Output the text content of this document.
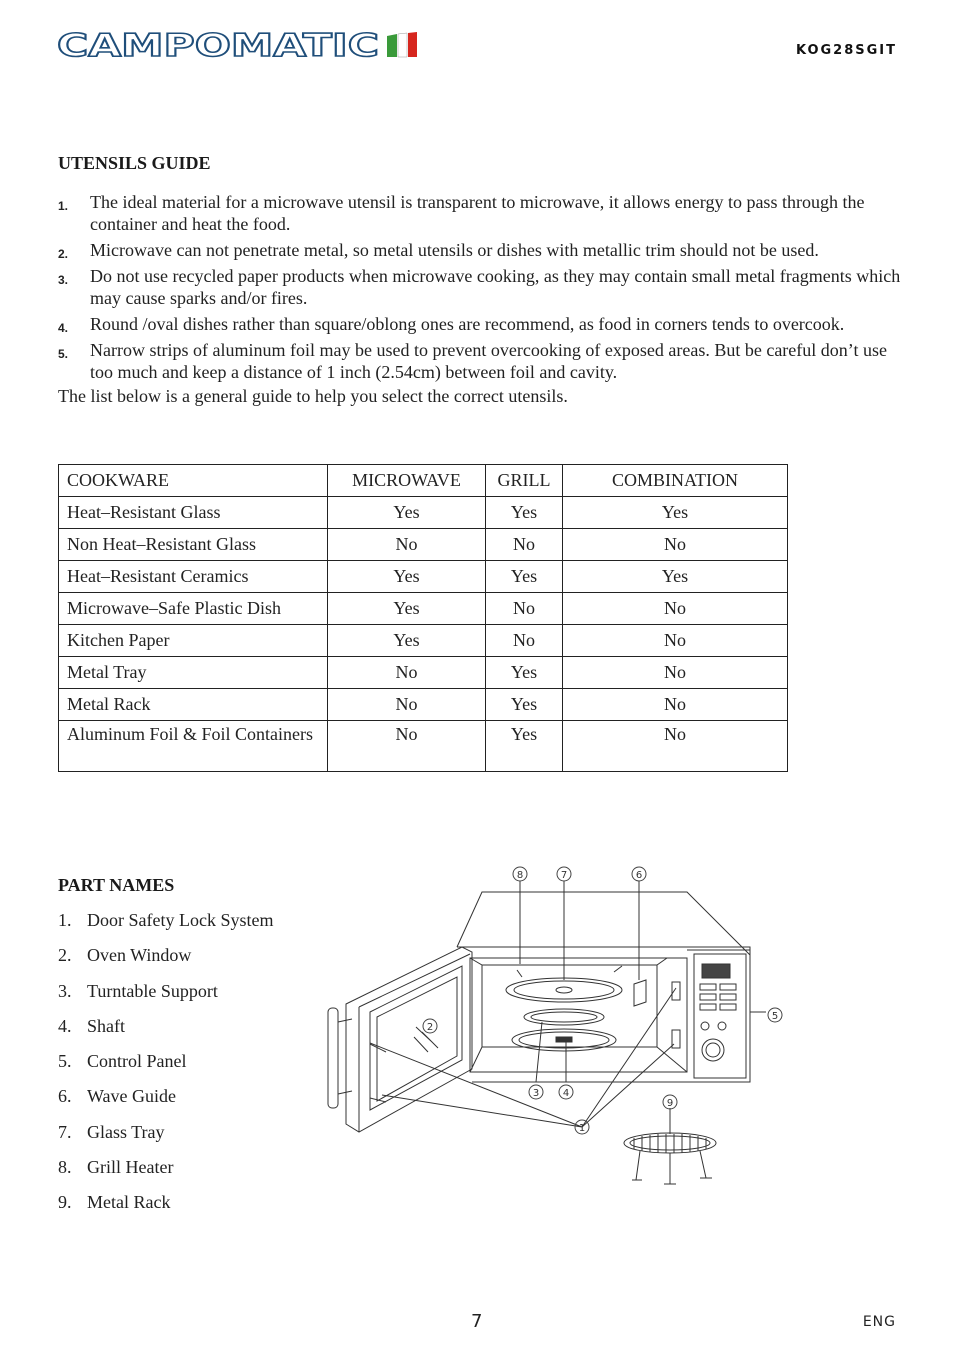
CAMPOMATIC	KOG28SGIT
UTENSILS GUIDE
1. The ideal material for a microwave utensil is transparent to microwave, it allows energy to pass through the container and heat the food.
2. Microwave can not penetrate metal, so metal utensils or dishes with metallic trim should not be used.
3. Do not use recycled paper products when microwave cooking, as they may contain small metal fragments which may cause sparks and/or fires.
4. Round /oval dishes rather than square/oblong ones are recommend, as food in corners tends to overcook.
5. Narrow strips of aluminum foil may be used to prevent overcooking of exposed areas. But be careful don’t use too much and keep a distance of 1 inch (2.54cm) between foil and cavity.
The list below is a general guide to help you select the correct utensils.
COOKWARE	MICROWAVE	GRILL	COMBINATION
Heat–Resistant Glass	Yes	Yes	Yes
Non Heat–Resistant Glass	No	No	No
Heat–Resistant Ceramics	Yes	Yes	Yes
Microwave–Safe Plastic Dish	Yes	No	No
Kitchen Paper	Yes	No	No
Metal Tray	No	Yes	No
Metal Rack	No	Yes	No
Aluminum Foil & Foil Containers	No	Yes	No
PART NAMES
1. Door Safety Lock System
2. Oven Window
3. Turntable Support
4. Shaft
5. Control Panel
6. Wave Guide
7. Glass Tray
8. Grill Heater
9. Metal Rack
8	7	6
2
5
3 4
9
1
7	ENG
